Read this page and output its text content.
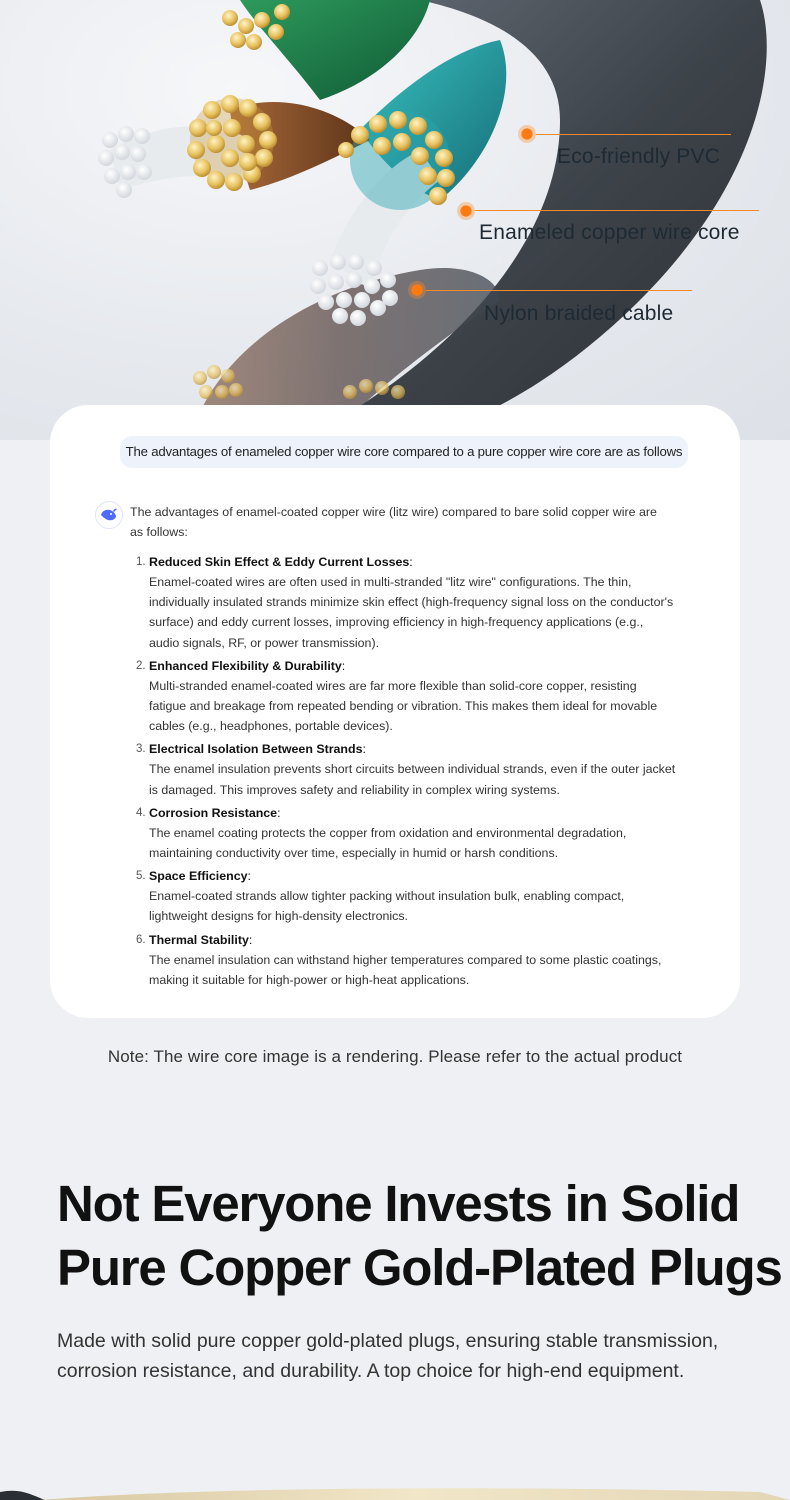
Eco-friendly PVC
Enameled copper wire core
Nylon braided cable
The advantages of enameled copper wire core compared to a pure copper wire core are as follows

The advantages of enamel-coated copper wire (litz wire) compared to bare solid copper wire are as follows:

1. Reduced Skin Effect & Eddy Current Losses:

Enamel-coated wires are often used in multi-stranded "litz wire" configurations. The thin, individually insulated strands minimize skin effect (high-frequency signal loss on the conductor's surface) and eddy current losses, improving efficiency in high-frequency applications (e.g., audio signals, RF, or power transmission).

2. Enhanced Flexibility & Durability:

Multi-stranded enamel-coated wires are far more flexible than solid-core copper, resisting fatigue and breakage from repeated bending or vibration. This makes them ideal for movable cables (e.g., headphones, portable devices).

3. Electrical Isolation Between Strands:

The enamel insulation prevents short circuits between individual strands, even if the outer jacket is damaged. This improves safety and reliability in complex wiring systems.

4. Corrosion Resistance:

The enamel coating protects the copper from oxidation and environmental degradation, maintaining conductivity over time, especially in humid or harsh conditions.

5. Space Efficiency:

Enamel-coated strands allow tighter packing without insulation bulk, enabling compact, lightweight designs for high-density electronics.

6. Thermal Stability:

The enamel insulation can withstand higher temperatures compared to some plastic coatings, making it suitable for high-power or high-heat applications.

Note: The wire core image is a rendering. Please refer to the actual product

Not Everyone Invests in Solid
Pure Copper Gold-Plated Plugs

Made with solid pure copper gold-plated plugs, ensuring stable transmission,
corrosion resistance, and durability. A top choice for high-end equipment.
